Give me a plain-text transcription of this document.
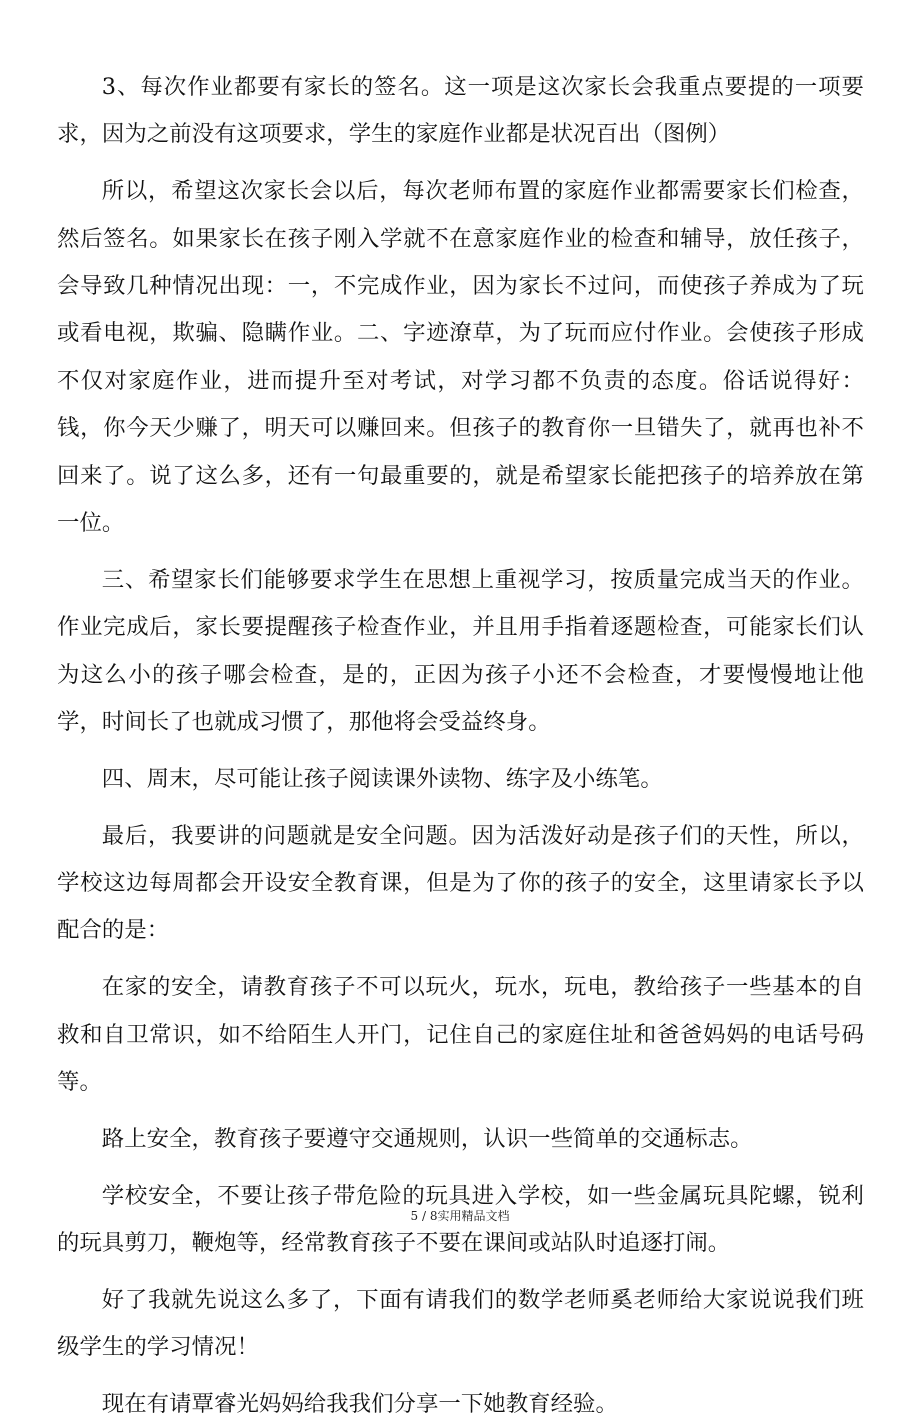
3、每次作业都要有家长的签名。这一项是这次家长会我重点要提的一项要求，因为之前没有这项要求，学生的家庭作业都是状况百出（图例）

所以，希望这次家长会以后，每次老师布置的家庭作业都需要家长们检查，然后签名。如果家长在孩子刚入学就不在意家庭作业的检查和辅导，放任孩子，会导致几种情况出现：一，不完成作业，因为家长不过问，而使孩子养成为了玩或看电视，欺骗、隐瞒作业。二、字迹潦草，为了玩而应付作业。会使孩子形成不仅对家庭作业，进而提升至对考试，对学习都不负责的态度。俗话说得好：钱，你今天少赚了，明天可以赚回来。但孩子的教育你一旦错失了，就再也补不回来了。说了这么多，还有一句最重要的，就是希望家长能把孩子的培养放在第一位。

三、希望家长们能够要求学生在思想上重视学习，按质量完成当天的作业。作业完成后，家长要提醒孩子检查作业，并且用手指着逐题检查，可能家长们认为这么小的孩子哪会检查，是的，正因为孩子小还不会检查，才要慢慢地让他学，时间长了也就成习惯了，那他将会受益终身。

四、周末，尽可能让孩子阅读课外读物、练字及小练笔。

最后，我要讲的问题就是安全问题。因为活泼好动是孩子们的天性，所以，学校这边每周都会开设安全教育课，但是为了你的孩子的安全，这里请家长予以配合的是：

在家的安全，请教育孩子不可以玩火，玩水，玩电，教给孩子一些基本的自救和自卫常识，如不给陌生人开门，记住自己的家庭住址和爸爸妈妈的电话号码等。

路上安全，教育孩子要遵守交通规则，认识一些简单的交通标志。

学校安全，不要让孩子带危险的玩具进入学校，如一些金属玩具陀螺，锐利的玩具剪刀，鞭炮等，经常教育孩子不要在课间或站队时追逐打闹。

好了我就先说这么多了，下面有请我们的数学老师奚老师给大家说说我们班级学生的学习情况！

现在有请覃睿光妈妈给我我们分享一下她教育经验。

5 / 8实用精品文档
